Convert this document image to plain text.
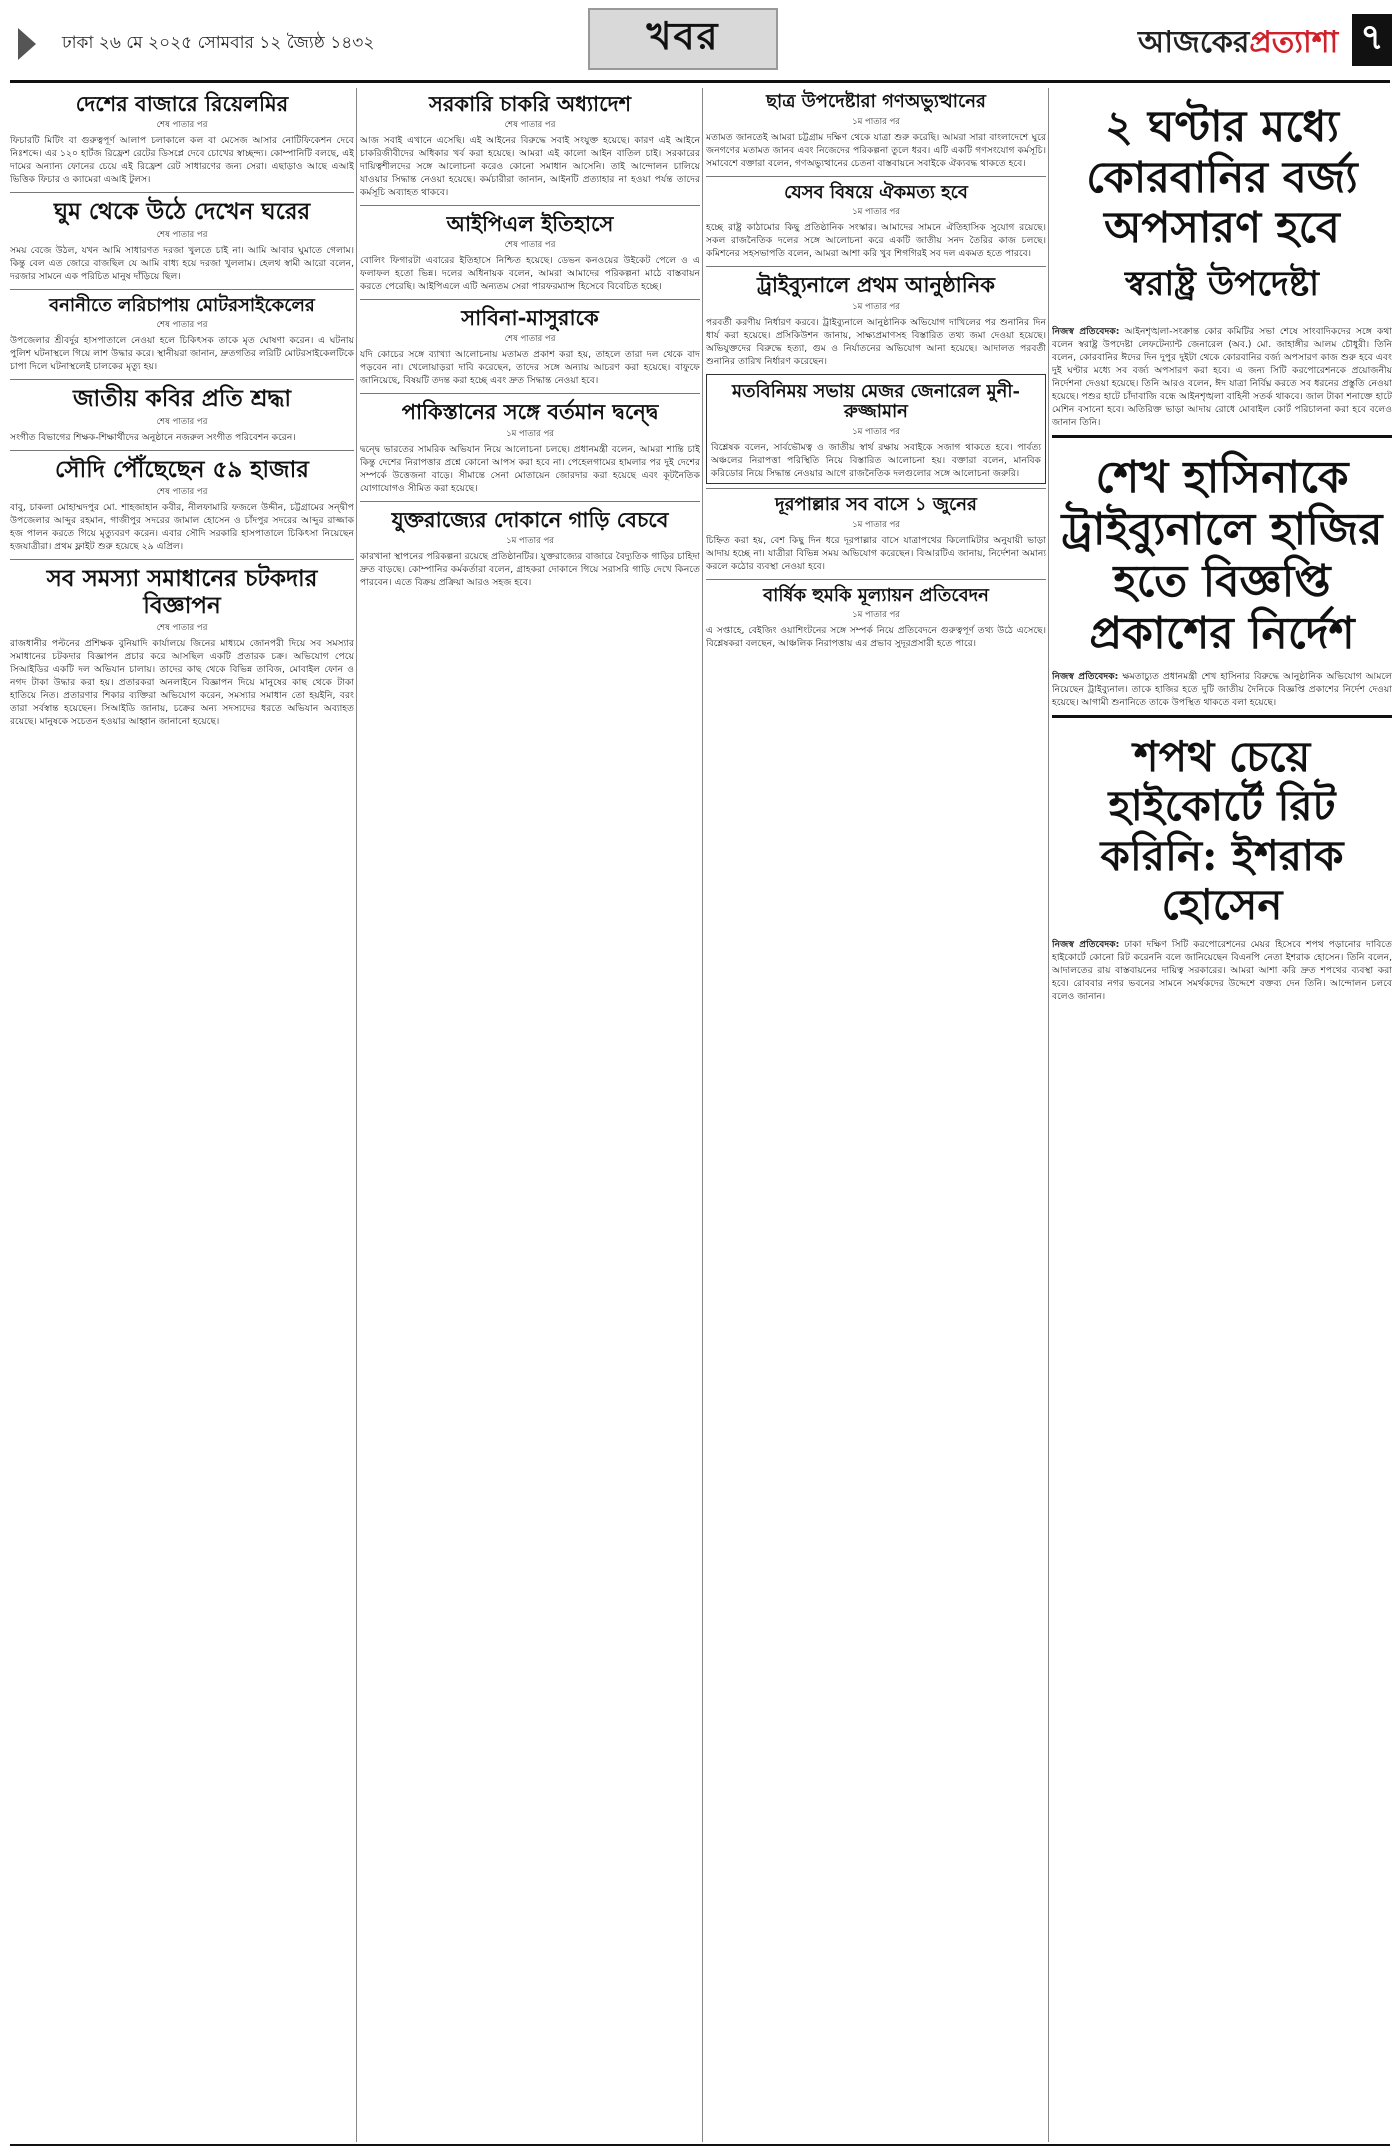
ঢাকা ২৬ মে ২০২৫ সোমবার ১২ জ্যৈষ্ঠ ১৪৩২	খবর	আজকেরপ্রত্যাশা ৭
দেশের বাজারে রিয়েলমির
শেষ পাতার পর
ফিচারটি মিটিং বা গুরুত্বপূর্ণ আলাপ চলাকালে কল বা মেসেজ আসার নোটিফিকেশন দেবে নিঃশব্দে। এর ১২০ হার্টজ রিফ্রেশ রেটের ডিসপ্লে দেবে চোখের স্বাচ্ছন্দ্য। কোম্পানিটি বলছে, এই দামের অন্যান্য ফোনের চেয়ে এই রিফ্রেশ রেট সাধারণের জন্য সেরা। এছাড়াও আছে এআই ভিত্তিক ফিচার ও ক্যামেরা এআই টুলস।
ঘুম থেকে উঠে দেখেন ঘরের
শেষ পাতার পর
সময় বেজে উঠল, যখন আমি সাধারণত দরজা খুলতে চাই না। আমি আবার ঘুমাতে গেলাম। কিন্তু বেল এত জোরে বাজছিল যে আমি বাধ্য হয়ে দরজা খুললাম। হেলথ স্বামী আরো বলেন, দরজার সামনে এক পরিচিত মানুষ দাঁড়িয়ে ছিল।
বনানীতে লরিচাপায় মোটরসাইকেলের
শেষ পাতার পর
উপজেলার শ্রীবর্দুর হাসপাতালে নেওয়া হলে চিকিৎসক তাকে মৃত ঘোষণা করেন। এ ঘটনায় পুলিশ ঘটনাস্থলে গিয়ে লাশ উদ্ধার করে। স্থানীয়রা জানান, দ্রুতগতির লরিটি মোটরসাইকেলটিকে চাপা দিলে ঘটনাস্থলেই চালকের মৃত্যু হয়।
জাতীয় কবির প্রতি শ্রদ্ধা
শেষ পাতার পর
সংগীত বিভাগের শিক্ষক-শিক্ষার্থীদের অনুষ্ঠানে নজরুল সংগীত পরিবেশন করেন।
সৌদি পৌঁছেছেন ৫৯ হাজার
শেষ পাতার পর
বাবু, চাকলা মোহাম্মদপুর মো. শাহজাহান কবীর, নীলফামারি ফজলে উদ্দীন, চট্টগ্রামের সন্দ্বীপ উপজেলার আব্দুর রহমান, গাজীপুর সদরের জামাল হোসেন ও চাঁদপুর সদরের আব্দুর রাজ্জাক হজ পালন করতে গিয়ে মৃত্যুবরণ করেন। এবার সৌদি সরকারি হাসপাতালে চিকিৎসা নিয়েছেন হজযাত্রীরা। প্রথম ফ্লাইট শুরু হয়েছে ২৯ এপ্রিল।
সব সমস্যা সমাধানের চটকদার বিজ্ঞাপন
শেষ পাতার পর
রাজধানীর পল্টনের প্রশিক্ষক বুনিয়াদি কার্যালয়ে জিনের মাধ্যমে জোনপরী দিয়ে সব সমস্যার সমাধানের চটকদার বিজ্ঞাপন প্রচার করে আসছিল একটি প্রতারক চক্র। অভিযোগ পেয়ে সিআইডির একটি দল অভিযান চালায়। তাদের কাছ থেকে বিভিন্ন তাবিজ, মোবাইল ফোন ও নগদ টাকা উদ্ধার করা হয়। প্রতারকরা অনলাইনে বিজ্ঞাপন দিয়ে মানুষের কাছ থেকে টাকা হাতিয়ে নিত। প্রতারণার শিকার ব্যক্তিরা অভিযোগ করেন, সমস্যার সমাধান তো হয়ইনি, বরং তারা সর্বস্বান্ত হয়েছেন। সিআইডি জানায়, চক্রের অন্য সদস্যদের ধরতে অভিযান অব্যাহত রয়েছে। মানুষকে সচেতন হওয়ার আহ্বান জানানো হয়েছে।
সরকারি চাকরি অধ্যাদেশ
শেষ পাতার পর
আজ সবাই এখানে এসেছি। এই আইনের বিরুদ্ধে সবাই সংযুক্ত হয়েছে। কারণ এই আইনে চাকরিজীবীদের অধিকার খর্ব করা হয়েছে। আমরা এই কালো আইন বাতিল চাই। সরকারের দায়িত্বশীলদের সঙ্গে আলোচনা করেও কোনো সমাধান আসেনি। তাই আন্দোলন চালিয়ে যাওয়ার সিদ্ধান্ত নেওয়া হয়েছে। কর্মচারীরা জানান, আইনটি প্রত্যাহার না হওয়া পর্যন্ত তাদের কর্মসূচি অব্যাহত থাকবে।
আইপিএল ইতিহাসে
শেষ পাতার পর
বোলিং ফিগারটা এবারের ইতিহাসে নিশ্চিত হয়েছে। ডেভন কনওয়ের উইকেট পেলে ও এ ফলাফল হতো ভিন্ন। দলের অধিনায়ক বলেন, আমরা আমাদের পরিকল্পনা মাঠে বাস্তবায়ন করতে পেরেছি। আইপিএলে এটি অন্যতম সেরা পারফরম্যান্স হিসেবে বিবেচিত হচ্ছে।
সাবিনা-মাসুরাকে
শেষ পাতার পর
যদি কোচের সঙ্গে ব্যাখ্যা আলোচনায় মতামত প্রকাশ করা হয়, তাহলে তারা দল থেকে বাদ পড়বেন না। খেলোয়াড়রা দাবি করেছেন, তাদের সঙ্গে অন্যায় আচরণ করা হয়েছে। বাফুফে জানিয়েছে, বিষয়টি তদন্ত করা হচ্ছে এবং দ্রুত সিদ্ধান্ত নেওয়া হবে।
পাকিস্তানের সঙ্গে বর্তমান দ্বন্দ্বে
১ম পাতার পর
দ্বন্দ্বে ভারতের সামরিক অভিযান নিয়ে আলোচনা চলছে। প্রধানমন্ত্রী বলেন, আমরা শান্তি চাই কিন্তু দেশের নিরাপত্তার প্রশ্নে কোনো আপস করা হবে না। পেহেলগামের হামলার পর দুই দেশের সম্পর্কে উত্তেজনা বাড়ে। সীমান্তে সেনা মোতায়েন জোরদার করা হয়েছে এবং কূটনৈতিক যোগাযোগও সীমিত করা হয়েছে।
যুক্তরাজ্যের দোকানে গাড়ি বেচবে
১ম পাতার পর
কারখানা স্থাপনের পরিকল্পনা রয়েছে প্রতিষ্ঠানটির। যুক্তরাজ্যের বাজারে বৈদ্যুতিক গাড়ির চাহিদা দ্রুত বাড়ছে। কোম্পানির কর্মকর্তারা বলেন, গ্রাহকরা দোকানে গিয়ে সরাসরি গাড়ি দেখে কিনতে পারবেন। এতে বিক্রয় প্রক্রিয়া আরও সহজ হবে।
ছাত্র উপদেষ্টারা গণঅভ্যুত্থানের
১ম পাতার পর
মতামত জানতেই আমরা চট্টগ্রাম দক্ষিণ থেকে যাত্রা শুরু করেছি। আমরা সারা বাংলাদেশে ঘুরে জনগণের মতামত জানব এবং নিজেদের পরিকল্পনা তুলে ধরব। এটি একটি গণসংযোগ কর্মসূচি। সমাবেশে বক্তারা বলেন, গণঅভ্যুত্থানের চেতনা বাস্তবায়নে সবাইকে ঐক্যবদ্ধ থাকতে হবে।
যেসব বিষয়ে ঐকমত্য হবে
১ম পাতার পর
হচ্ছে রাষ্ট্র কাঠামোর কিছু প্রতিষ্ঠানিক সংস্কার। আমাদের সামনে ঐতিহাসিক সুযোগ রয়েছে। সকল রাজনৈতিক দলের সঙ্গে আলোচনা করে একটি জাতীয় সনদ তৈরির কাজ চলছে। কমিশনের সহসভাপতি বলেন, আমরা আশা করি খুব শিগগিরই সব দল একমত হতে পারবে।
ট্রাইব্যুনালে প্রথম আনুষ্ঠানিক
১ম পাতার পর
পরবর্তী করণীয় নির্ধারণ করবে। ট্রাইব্যুনালে আনুষ্ঠানিক অভিযোগ দাখিলের পর শুনানির দিন ধার্য করা হয়েছে। প্রসিকিউশন জানায়, সাক্ষ্যপ্রমাণসহ বিস্তারিত তথ্য জমা দেওয়া হয়েছে। অভিযুক্তদের বিরুদ্ধে হত্যা, গুম ও নির্যাতনের অভিযোগ আনা হয়েছে। আদালত পরবর্তী শুনানির তারিখ নির্ধারণ করেছেন।
মতবিনিময় সভায় মেজর জেনারেল মুনী-রুজ্জামান
১ম পাতার পর
বিশ্লেষক বলেন, সার্বভৌমত্ব ও জাতীয় স্বার্থ রক্ষায় সবাইকে সজাগ থাকতে হবে। পার্বত্য অঞ্চলের নিরাপত্তা পরিস্থিতি নিয়ে বিস্তারিত আলোচনা হয়। বক্তারা বলেন, মানবিক করিডোর নিয়ে সিদ্ধান্ত নেওয়ার আগে রাজনৈতিক দলগুলোর সঙ্গে আলোচনা জরুরি।
দূরপাল্লার সব বাসে ১ জুনের
১ম পাতার পর
চিহ্নিত করা হয়, বেশ কিছু দিন ধরে দূরপাল্লার বাসে যাত্রাপথের কিলোমিটার অনুযায়ী ভাড়া আদায় হচ্ছে না। যাত্রীরা বিভিন্ন সময় অভিযোগ করেছেন। বিআরটিএ জানায়, নির্দেশনা অমান্য করলে কঠোর ব্যবস্থা নেওয়া হবে।
বার্ষিক হুমকি মূল্যায়ন প্রতিবেদন
১ম পাতার পর
এ সপ্তাহে, বেইজিং ওয়াশিংটনের সঙ্গে সম্পর্ক নিয়ে প্রতিবেদনে গুরুত্বপূর্ণ তথ্য উঠে এসেছে। বিশ্লেষকরা বলছেন, আঞ্চলিক নিরাপত্তায় এর প্রভাব সুদূরপ্রসারী হতে পারে।
২ ঘণ্টার মধ্যে কোরবানির বর্জ্য অপসারণ হবে
স্বরাষ্ট্র উপদেষ্টা
নিজস্ব প্রতিবেদক: আইনশৃঙ্খলা-সংক্রান্ত কোর কমিটির সভা শেষে সাংবাদিকদের সঙ্গে কথা বলেন স্বরাষ্ট্র উপদেষ্টা লেফটেন্যান্ট জেনারেল (অব.) মো. জাহাঙ্গীর আলম চৌধুরী। তিনি বলেন, কোরবানির ঈদের দিন দুপুর দুইটা থেকে কোরবানির বর্জ্য অপসারণ কাজ শুরু হবে এবং দুই ঘণ্টার মধ্যে সব বর্জ্য অপসারণ করা হবে। এ জন্য সিটি করপোরেশনকে প্রয়োজনীয় নির্দেশনা দেওয়া হয়েছে। তিনি আরও বলেন, ঈদ যাত্রা নির্বিঘ্ন করতে সব ধরনের প্রস্তুতি নেওয়া হয়েছে। পশুর হাটে চাঁদাবাজি বন্ধে আইনশৃঙ্খলা বাহিনী সতর্ক থাকবে। জাল টাকা শনাক্তে হাটে মেশিন বসানো হবে। অতিরিক্ত ভাড়া আদায় রোধে মোবাইল কোর্ট পরিচালনা করা হবে বলেও জানান তিনি।
শেখ হাসিনাকে ট্রাইব্যুনালে হাজির হতে বিজ্ঞপ্তি প্রকাশের নির্দেশ
নিজস্ব প্রতিবেদক: ক্ষমতাচ্যুত প্রধানমন্ত্রী শেখ হাসিনার বিরুদ্ধে আনুষ্ঠানিক অভিযোগ আমলে নিয়েছেন ট্রাইব্যুনাল। তাকে হাজির হতে দুটি জাতীয় দৈনিকে বিজ্ঞপ্তি প্রকাশের নির্দেশ দেওয়া হয়েছে। আগামী শুনানিতে তাকে উপস্থিত থাকতে বলা হয়েছে।
শপথ চেয়ে হাইকোর্টে রিট করিনি: ইশরাক হোসেন
নিজস্ব প্রতিবেদক: ঢাকা দক্ষিণ সিটি করপোরেশনের মেয়র হিসেবে শপথ পড়ানোর দাবিতে হাইকোর্টে কোনো রিট করেননি বলে জানিয়েছেন বিএনপি নেতা ইশরাক হোসেন। তিনি বলেন, আদালতের রায় বাস্তবায়নের দায়িত্ব সরকারের। আমরা আশা করি দ্রুত শপথের ব্যবস্থা করা হবে। রোববার নগর ভবনের সামনে সমর্থকদের উদ্দেশে বক্তব্য দেন তিনি। আন্দোলন চলবে বলেও জানান।
